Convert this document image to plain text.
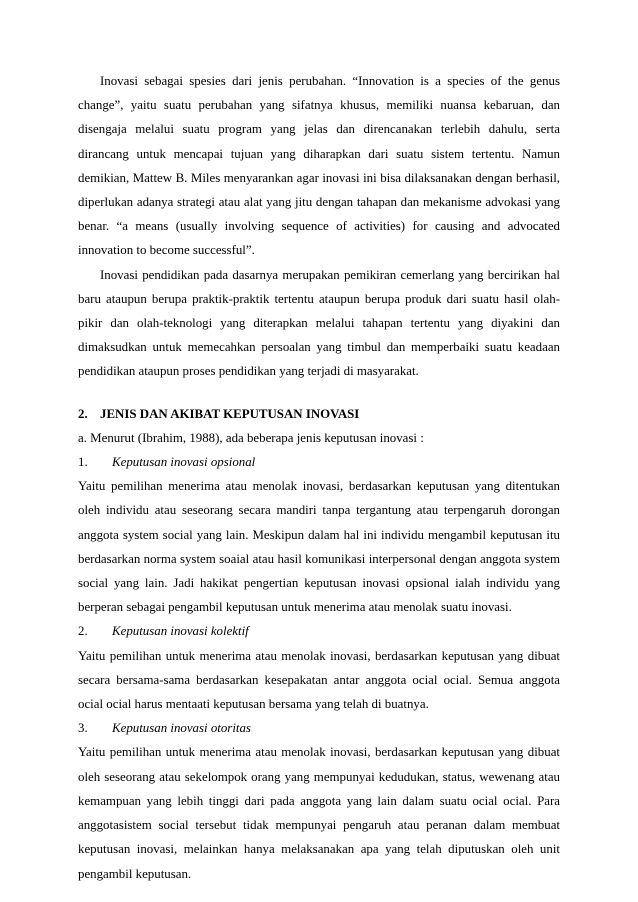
Inovasi sebagai spesies dari jenis perubahan. “Innovation is a species of the genus change”, yaitu suatu perubahan yang sifatnya khusus, memiliki nuansa kebaruan, dan disengaja melalui suatu program yang jelas dan direncanakan terlebih dahulu, serta dirancang untuk mencapai tujuan yang diharapkan dari suatu sistem tertentu. Namun demikian, Mattew B. Miles menyarankan agar inovasi ini bisa dilaksanakan dengan berhasil, diperlukan adanya strategi atau alat yang jitu dengan tahapan dan mekanisme advokasi yang benar. “a means (usually involving sequence of activities) for causing and advocated innovation to become successful”.

Inovasi pendidikan pada dasarnya merupakan pemikiran cemerlang yang bercirikan hal baru ataupun berupa praktik-praktik tertentu ataupun berupa produk dari suatu hasil olah-pikir dan olah-teknologi yang diterapkan melalui tahapan tertentu yang diyakini dan dimaksudkan untuk memecahkan persoalan yang timbul dan memperbaiki suatu keadaan pendidikan ataupun proses pendidikan yang terjadi di masyarakat.

2. JENIS DAN AKIBAT KEPUTUSAN INOVASI

a. Menurut (Ibrahim, 1988), ada beberapa jenis keputusan inovasi :

1.	Keputusan inovasi opsional

Yaitu pemilihan menerima atau menolak inovasi, berdasarkan keputusan yang ditentukan oleh individu atau seseorang secara mandiri tanpa tergantung atau terpengaruh dorongan anggota system social yang lain. Meskipun dalam hal ini individu mengambil keputusan itu berdasarkan norma system soaial atau hasil komunikasi interpersonal dengan anggota system social yang lain. Jadi hakikat pengertian keputusan inovasi opsional ialah individu yang berperan sebagai pengambil keputusan untuk menerima atau menolak suatu inovasi.

2.	Keputusan inovasi kolektif

Yaitu pemilihan untuk menerima atau menolak inovasi, berdasarkan keputusan yang dibuat secara bersama-sama berdasarkan kesepakatan antar anggota ocial ocial. Semua anggota ocial ocial harus mentaati keputusan bersama yang telah di buatnya.

3.	Keputusan inovasi otoritas

Yaitu pemilihan untuk menerima atau menolak inovasi, berdasarkan keputusan yang dibuat oleh seseorang atau sekelompok orang yang mempunyai kedudukan, status, wewenang atau kemampuan yang lebih tinggi dari pada anggota yang lain dalam suatu ocial ocial. Para anggotasistem social tersebut tidak mempunyai pengaruh atau peranan dalam membuat keputusan inovasi, melainkan hanya melaksanakan apa yang telah diputuskan oleh unit pengambil keputusan.
